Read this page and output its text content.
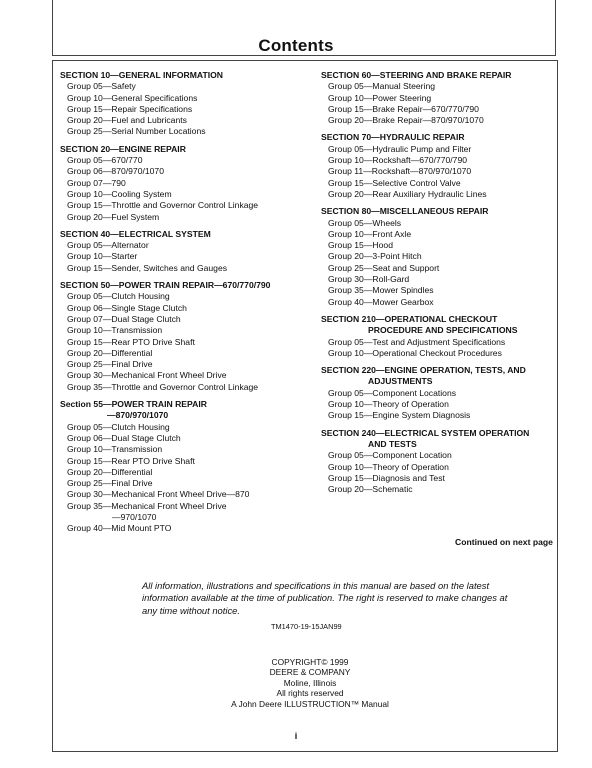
Contents
SECTION 10—GENERAL INFORMATION
Group 05—Safety
Group 10—General Specifications
Group 15—Repair Specifications
Group 20—Fuel and Lubricants
Group 25—Serial Number Locations
SECTION 20—ENGINE REPAIR
Group 05—670/770
Group 06—870/970/1070
Group 07—790
Group 10—Cooling System
Group 15—Throttle and Governor Control Linkage
Group 20—Fuel System
SECTION 40—ELECTRICAL SYSTEM
Group 05—Alternator
Group 10—Starter
Group 15—Sender, Switches and Gauges
SECTION 50—POWER TRAIN REPAIR—670/770/790
Group 05—Clutch Housing
Group 06—Single Stage Clutch
Group 07—Dual Stage Clutch
Group 10—Transmission
Group 15—Rear PTO Drive Shaft
Group 20—Differential
Group 25—Final Drive
Group 30—Mechanical Front Wheel Drive
Group 35—Throttle and Governor Control Linkage
Section 55—POWER TRAIN REPAIR
—870/970/1070
Group 05—Clutch Housing
Group 06—Dual Stage Clutch
Group 10—Transmission
Group 15—Rear PTO Drive Shaft
Group 20—Differential
Group 25—Final Drive
Group 30—Mechanical Front Wheel Drive—870
Group 35—Mechanical Front Wheel Drive
—970/1070
Group 40—Mid Mount PTO
SECTION 60—STEERING AND BRAKE REPAIR
Group 05—Manual Steering
Group 10—Power Steering
Group 15—Brake Repair—670/770/790
Group 20—Brake Repair—870/970/1070
SECTION 70—HYDRAULIC REPAIR
Group 05—Hydraulic Pump and Filter
Group 10—Rockshaft—670/770/790
Group 11—Rockshaft—870/970/1070
Group 15—Selective Control Valve
Group 20—Rear Auxiliary Hydraulic Lines
SECTION 80—MISCELLANEOUS REPAIR
Group 05—Wheels
Group 10—Front Axle
Group 15—Hood
Group 20—3-Point Hitch
Group 25—Seat and Support
Group 30—Roll-Gard
Group 35—Mower Spindles
Group 40—Mower Gearbox
SECTION 210—OPERATIONAL CHECKOUT
PROCEDURE AND SPECIFICATIONS
Group 05—Test and Adjustment Specifications
Group 10—Operational Checkout Procedures
SECTION 220—ENGINE OPERATION, TESTS, AND
ADJUSTMENTS
Group 05—Component Locations
Group 10—Theory of Operation
Group 15—Engine System Diagnosis
SECTION 240—ELECTRICAL SYSTEM OPERATION
AND TESTS
Group 05—Component Location
Group 10—Theory of Operation
Group 15—Diagnosis and Test
Group 20—Schematic
Continued on next page
All information, illustrations and specifications in this manual are based on the latest information available at the time of publication. The right is reserved to make changes at any time without notice.
TM1470-19-15JAN99
COPYRIGHT© 1999
DEERE & COMPANY
Moline, Illinois
All rights reserved
A John Deere ILLUSTRUCTION™ Manual
i
